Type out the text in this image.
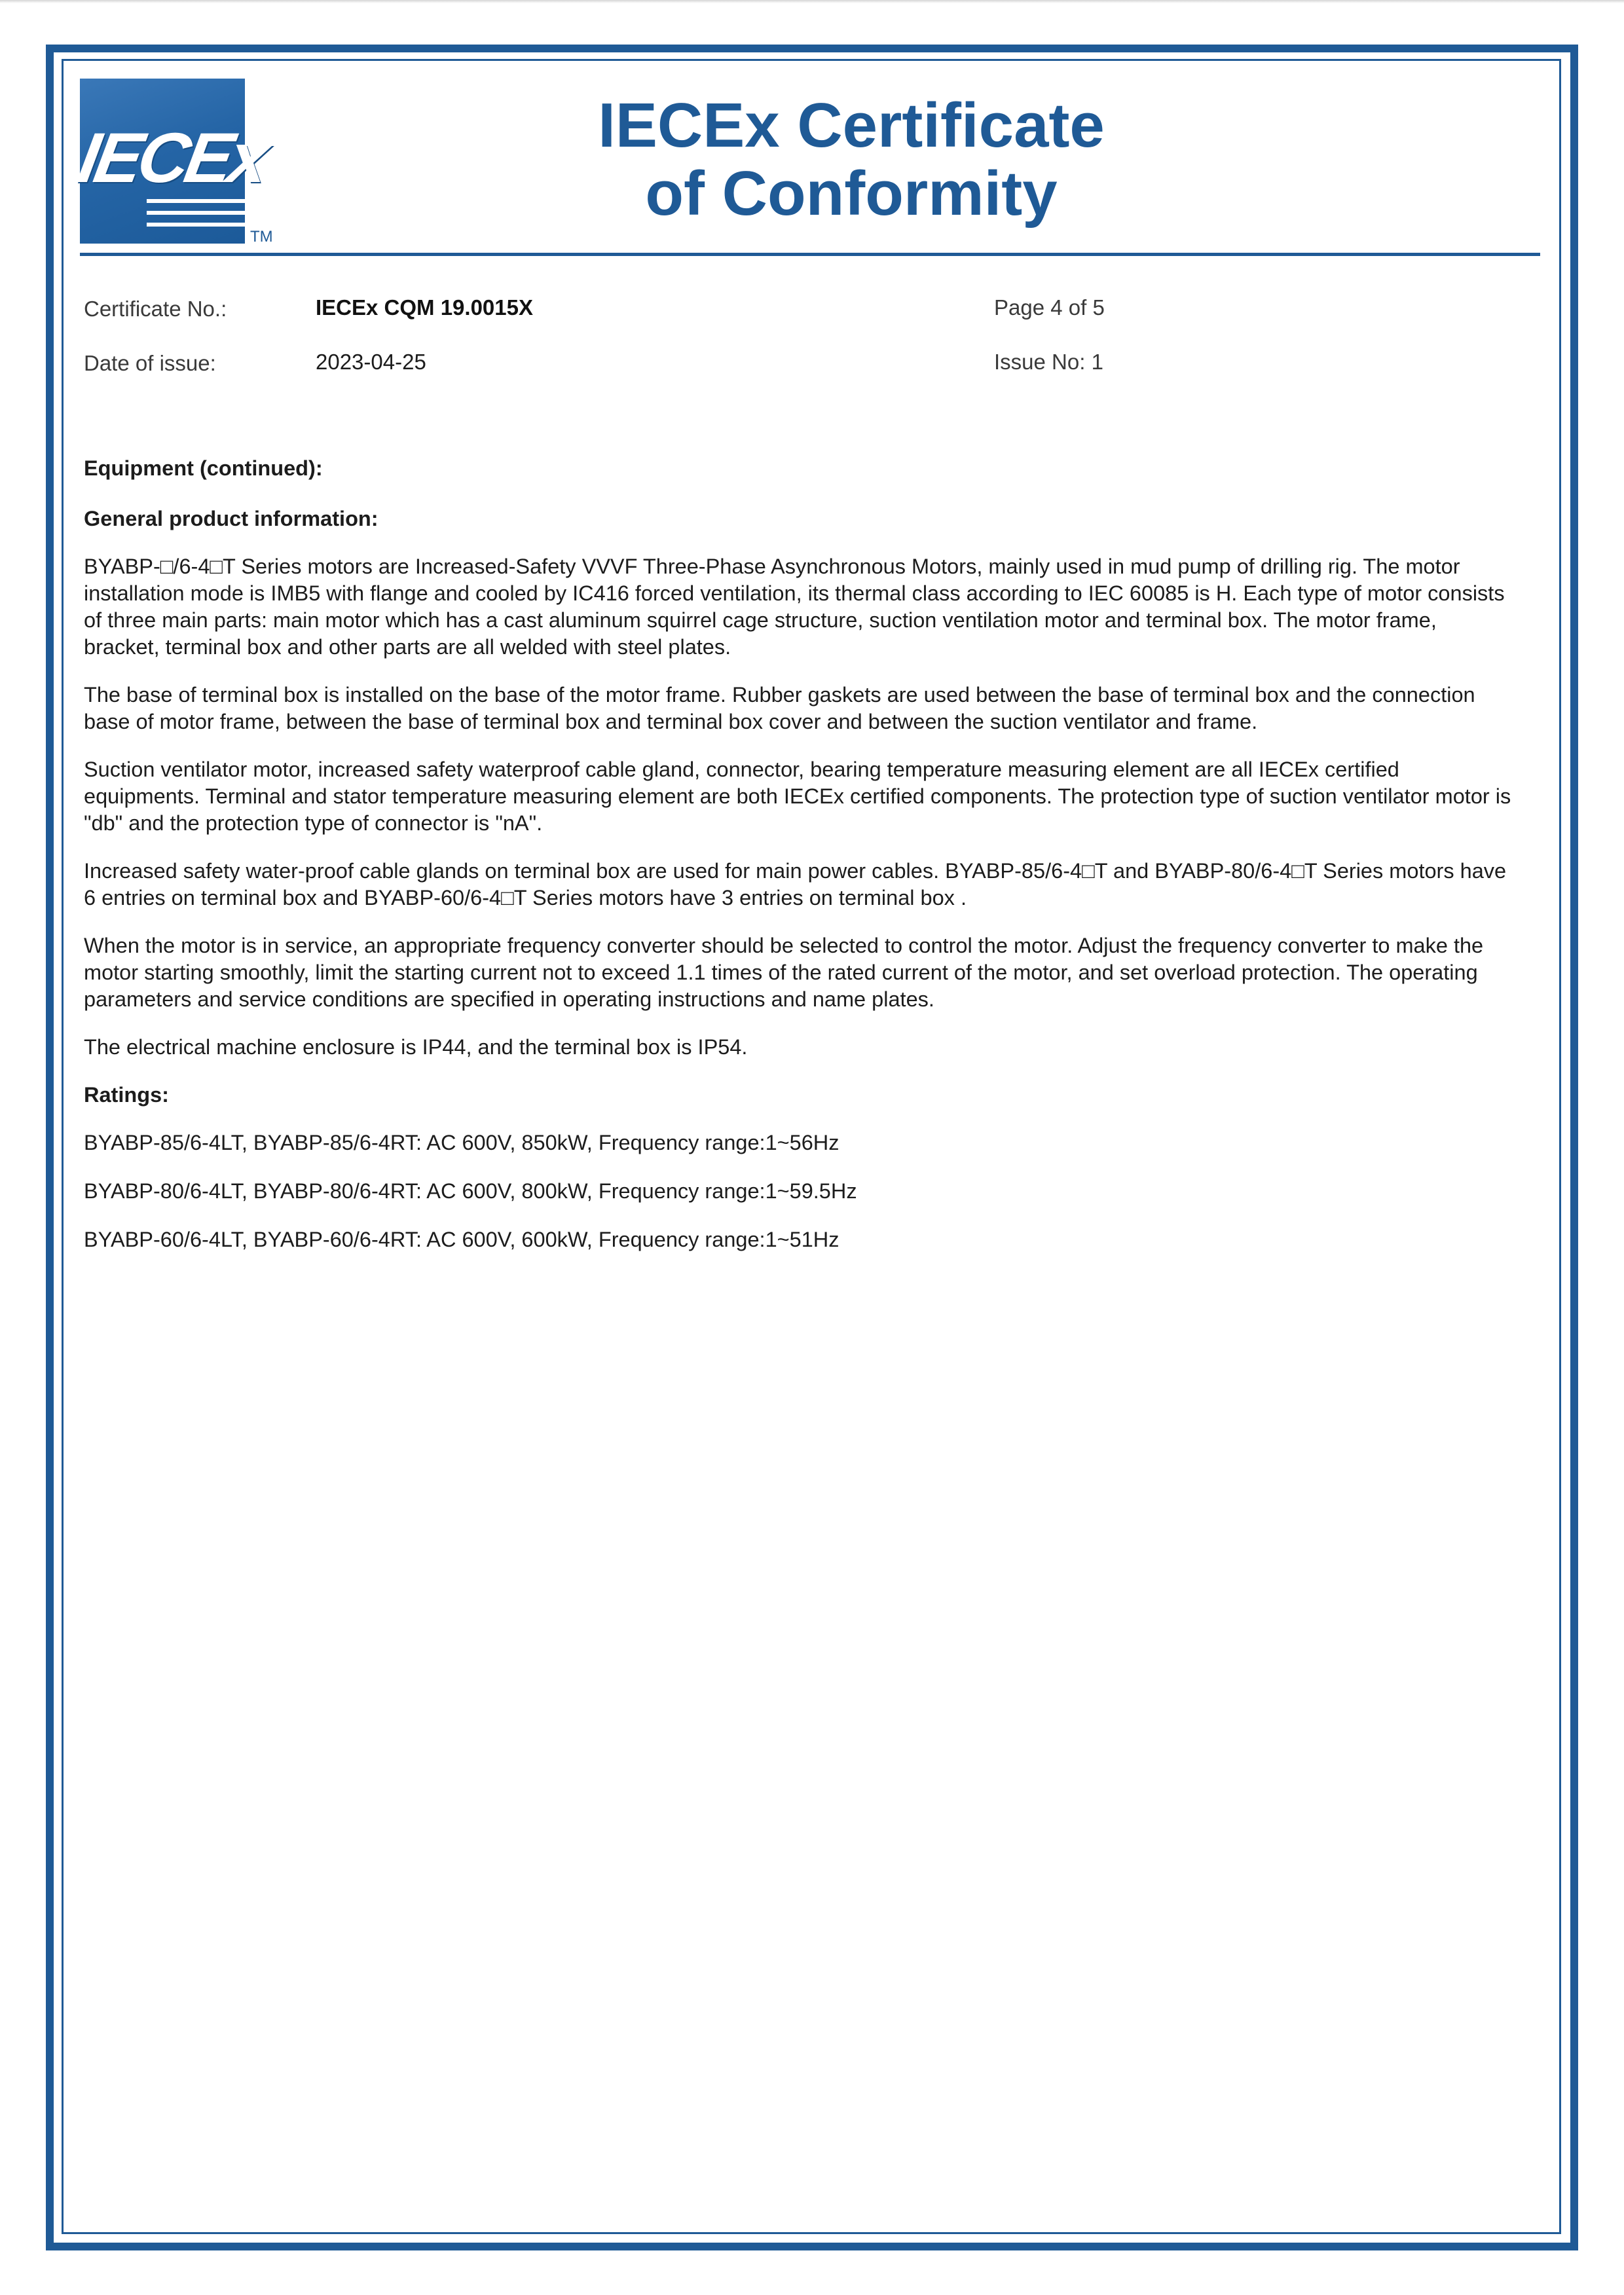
IECEx
TM
IECEx Certificate
of Conformity
Certificate No.:	IECEx CQM 19.0015X	Page 4 of 5
Date of issue:	2023-04-25	Issue No: 1
Equipment (continued):
General product information:

BYABP-□/6-4□T Series motors are Increased-Safety VVVF Three-Phase Asynchronous Motors, mainly used in mud pump of drilling rig. The motor installation mode is IMB5 with flange and cooled by IC416 forced ventilation, its thermal class according to IEC 60085 is H. Each type of motor consists of three main parts: main motor which has a cast aluminum squirrel cage structure, suction ventilation motor and terminal box. The motor frame, bracket, terminal box and other parts are all welded with steel plates.

The base of terminal box is installed on the base of the motor frame. Rubber gaskets are used between the base of terminal box and the connection base of motor frame, between the base of terminal box and terminal box cover and between the suction ventilator and frame.

Suction ventilator motor, increased safety waterproof cable gland, connector, bearing temperature measuring element are all IECEx certified equipments. Terminal and stator temperature measuring element are both IECEx certified components. The protection type of suction ventilator motor is "db" and the protection type of connector is "nA".

Increased safety water-proof cable glands on terminal box are used for main power cables. BYABP-85/6-4□T and BYABP-80/6-4□T Series motors have 6 entries on terminal box and BYABP-60/6-4□T Series motors have 3 entries on terminal box .

When the motor is in service, an appropriate frequency converter should be selected to control the motor. Adjust the frequency converter to make the motor starting smoothly, limit the starting current not to exceed 1.1 times of the rated current of the motor, and set overload protection. The operating parameters and service conditions are specified in operating instructions and name plates.

The electrical machine enclosure is IP44, and the terminal box is IP54.

Ratings:
BYABP-85/6-4LT, BYABP-85/6-4RT: AC 600V, 850kW, Frequency range:1~56Hz
BYABP-80/6-4LT, BYABP-80/6-4RT: AC 600V, 800kW, Frequency range:1~59.5Hz
BYABP-60/6-4LT, BYABP-60/6-4RT: AC 600V, 600kW, Frequency range:1~51Hz
